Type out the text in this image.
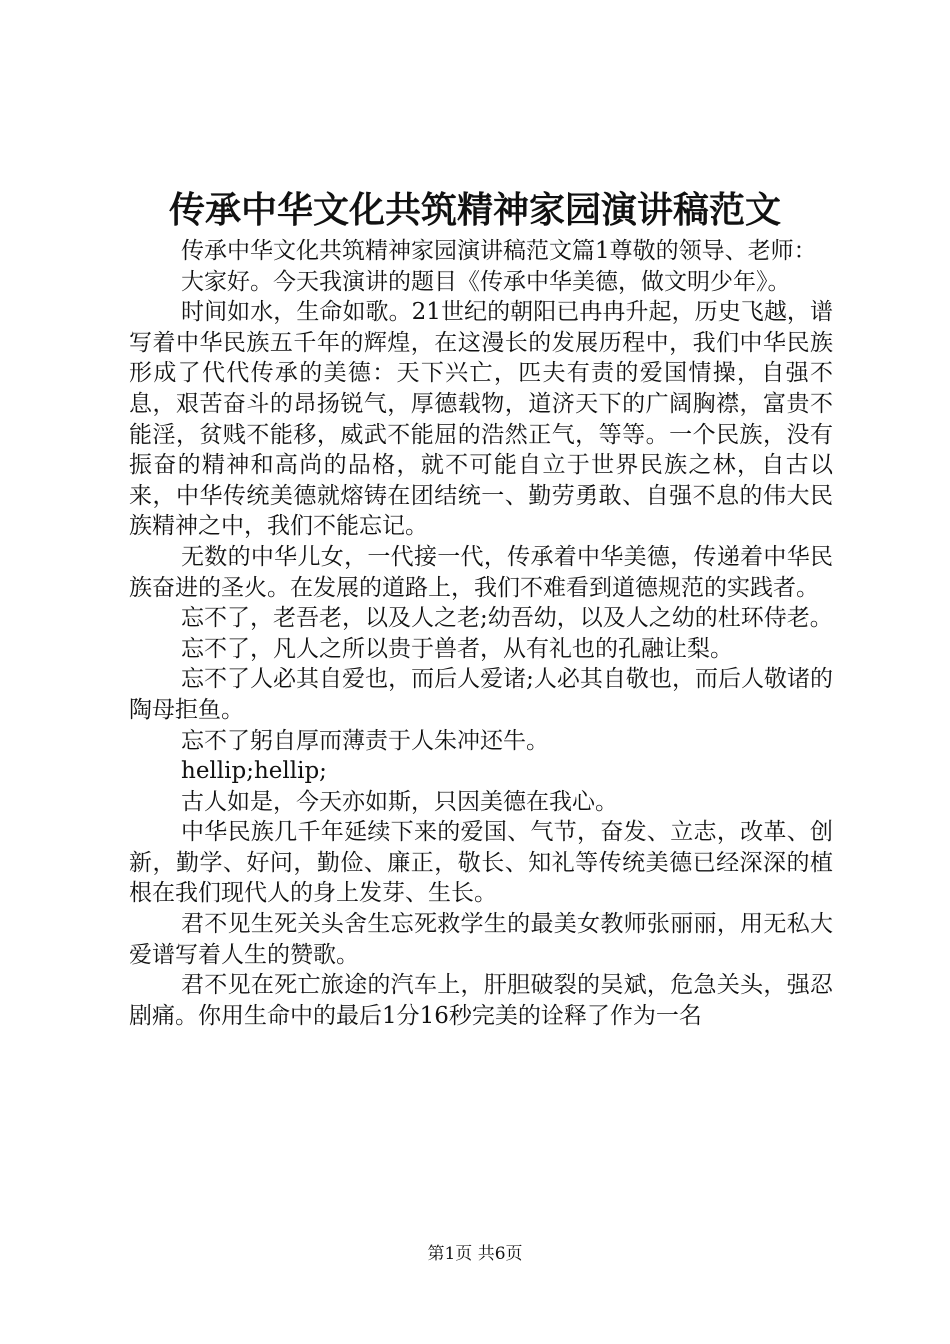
传承中华文化共筑精神家园演讲稿范文

传承中华文化共筑精神家园演讲稿范文篇1尊敬的领导、老师：

大家好。今天我演讲的题目《传承中华美德，做文明少年》。

时间如水，生命如歌。21世纪的朝阳已冉冉升起，历史飞越，谱写着中华民族五千年的辉煌，在这漫长的发展历程中，我们中华民族形成了代代传承的美德：天下兴亡，匹夫有责的爱国情操，自强不息，艰苦奋斗的昂扬锐气，厚德载物，道济天下的广阔胸襟，富贵不能淫，贫贱不能移，威武不能屈的浩然正气，等等。一个民族，没有振奋的精神和高尚的品格，就不可能自立于世界民族之林，自古以来，中华传统美德就熔铸在团结统一、勤劳勇敢、自强不息的伟大民族精神之中，我们不能忘记。

无数的中华儿女，一代接一代，传承着中华美德，传递着中华民族奋进的圣火。在发展的道路上，我们不难看到道德规范的实践者。

忘不了，老吾老，以及人之老;幼吾幼，以及人之幼的杜环侍老。

忘不了，凡人之所以贵于兽者，从有礼也的孔融让梨。

忘不了人必其自爱也，而后人爱诸;人必其自敬也，而后人敬诸的陶母拒鱼。

忘不了躬自厚而薄责于人朱冲还牛。

hellip;hellip;

古人如是，今天亦如斯，只因美德在我心。

中华民族几千年延续下来的爱国、气节，奋发、立志，改革、创新，勤学、好问，勤俭、廉正，敬长、知礼等传统美德已经深深的植根在我们现代人的身上发芽、生长。

君不见生死关头舍生忘死救学生的最美女教师张丽丽，用无私大爱谱写着人生的赞歌。

君不见在死亡旅途的汽车上，肝胆破裂的吴斌，危急关头，强忍剧痛。你用生命中的最后1分16秒完美的诠释了作为一名

第1页 共6页
